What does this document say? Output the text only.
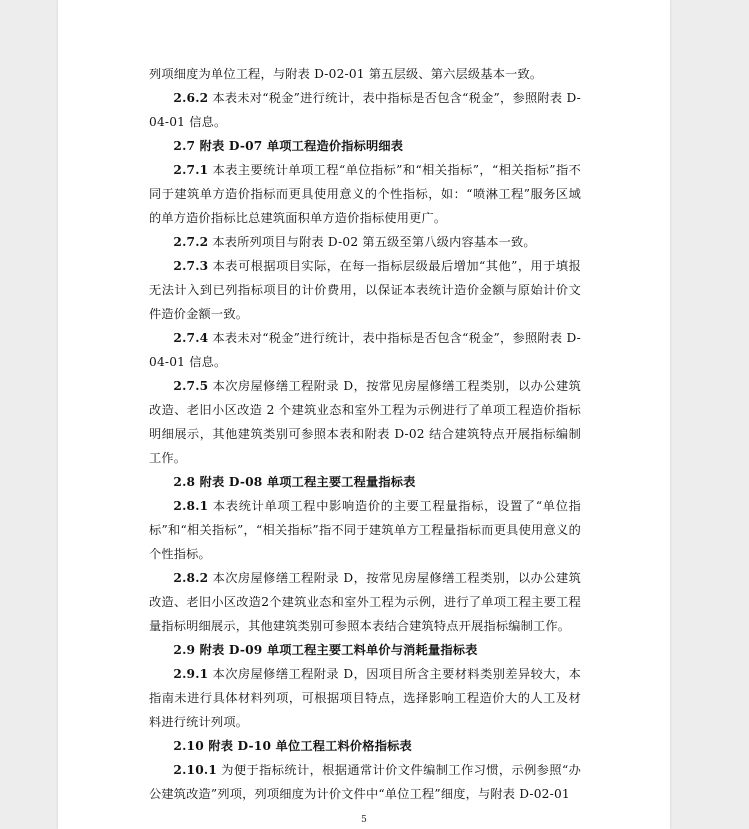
列项细度为单位工程，与附表 D-02-01 第五层级、第六层级基本一致。

2.6.2 本表未对“税金”进行统计，表中指标是否包含“税金”，参照附表 D-04-01 信息。

2.7 附表 D-07 单项工程造价指标明细表

2.7.1 本表主要统计单项工程“单位指标”和“相关指标”，“相关指标”指不同于建筑单方造价指标而更具使用意义的个性指标，如：“喷淋工程”服务区域的单方造价指标比总建筑面积单方造价指标使用更广。

2.7.2 本表所列项目与附表 D-02 第五级至第八级内容基本一致。

2.7.3 本表可根据项目实际，在每一指标层级最后增加“其他”，用于填报无法计入到已列指标项目的计价费用，以保证本表统计造价金额与原始计价文件造价金额一致。

2.7.4 本表未对“税金”进行统计，表中指标是否包含“税金”，参照附表 D-04-01 信息。

2.7.5 本次房屋修缮工程附录 D，按常见房屋修缮工程类别，以办公建筑改造、老旧小区改造 2 个建筑业态和室外工程为示例进行了单项工程造价指标明细展示，其他建筑类别可参照本表和附表 D-02 结合建筑特点开展指标编制工作。

2.8 附表 D-08 单项工程主要工程量指标表

2.8.1 本表统计单项工程中影响造价的主要工程量指标，设置了“单位指标”和“相关指标”，“相关指标”指不同于建筑单方工程量指标而更具使用意义的个性指标。

2.8.2 本次房屋修缮工程附录 D，按常见房屋修缮工程类别，以办公建筑改造、老旧小区改造2个建筑业态和室外工程为示例，进行了单项工程主要工程量指标明细展示，其他建筑类别可参照本表结合建筑特点开展指标编制工作。

2.9 附表 D-09 单项工程主要工料单价与消耗量指标表

2.9.1 本次房屋修缮工程附录 D，因项目所含主要材料类别差异较大，本指南未进行具体材料列项，可根据项目特点，选择影响工程造价大的人工及材料进行统计列项。

2.10 附表 D-10 单位工程工料价格指标表

2.10.1 为便于指标统计，根据通常计价文件编制工作习惯，示例参照“办公建筑改造”列项，列项细度为计价文件中“单位工程”细度，与附表 D-02-01

5
